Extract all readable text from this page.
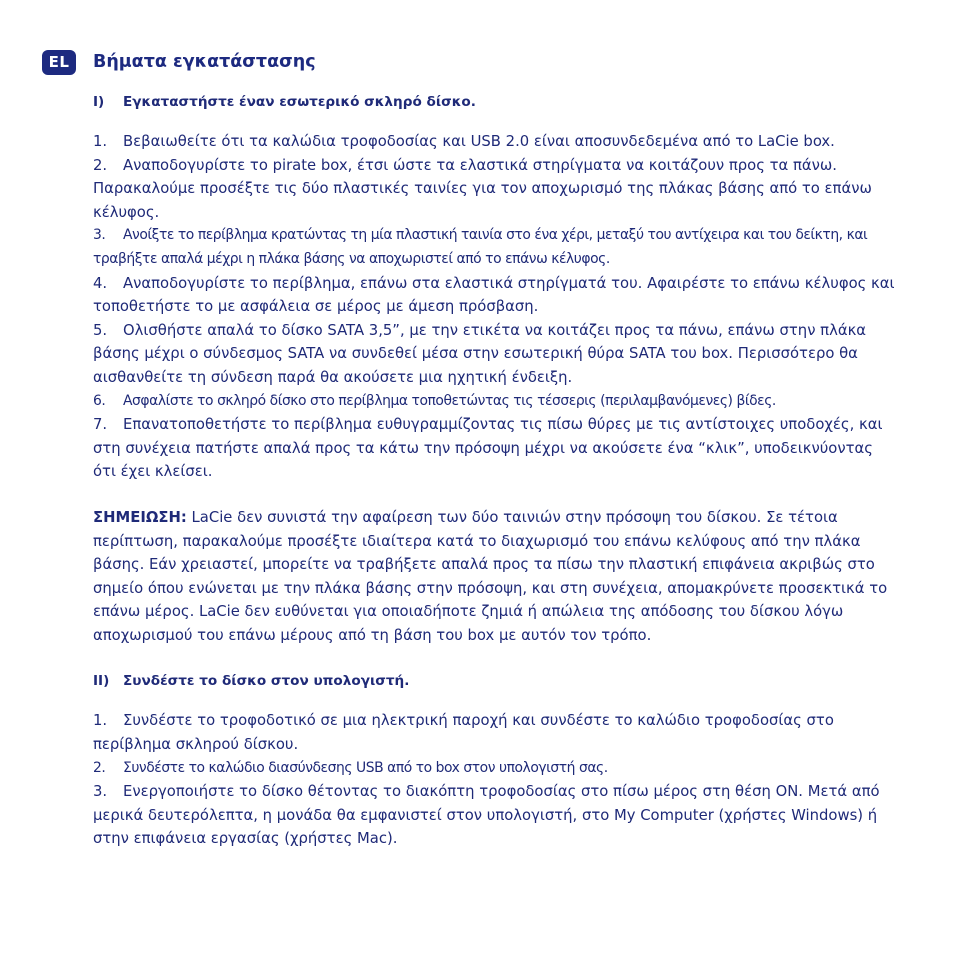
EL	Βήματα εγκατάστασης
I) Εγκαταστήστε έναν εσωτερικό σκληρό δίσκο.
1. Βεβαιωθείτε ότι τα καλώδια τροφοδοσίας και USB 2.0 είναι αποσυνδεδεμένα από το LaCie box.
2. Αναποδογυρίστε το pirate box, έτσι ώστε τα ελαστικά στηρίγματα να κοιτάζουν προς τα πάνω. Παρακαλούμε προσέξτε τις δύο πλαστικές ταινίες για τον αποχωρισμό της πλάκας βάσης από το επάνω κέλυφος.
3. Ανοίξτε το περίβλημα κρατώντας τη μία πλαστική ταινία στο ένα χέρι, μεταξύ του αντίχειρα και του δείκτη, και τραβήξτε απαλά μέχρι η πλάκα βάσης να αποχωριστεί από το επάνω κέλυφος.
4. Αναποδογυρίστε το περίβλημα, επάνω στα ελαστικά στηρίγματά του. Αφαιρέστε το επάνω κέλυφος και τοποθετήστε το με ασφάλεια σε μέρος με άμεση πρόσβαση.
5. Ολισθήστε απαλά το δίσκο SATA 3,5”, με την ετικέτα να κοιτάζει προς τα πάνω, επάνω στην πλάκα βάσης μέχρι ο σύνδεσμος SATA να συνδεθεί μέσα στην εσωτερική θύρα SATA του box. Περισσότερο θα αισθανθείτε τη σύνδεση παρά θα ακούσετε μια ηχητική ένδειξη.
6. Ασφαλίστε το σκληρό δίσκο στο περίβλημα τοποθετώντας τις τέσσερις (περιλαμβανόμενες) βίδες.
7. Επανατοποθετήστε το περίβλημα ευθυγραμμίζοντας τις πίσω θύρες με τις αντίστοιχες υποδοχές, και στη συνέχεια πατήστε απαλά προς τα κάτω την πρόσοψη μέχρι να ακούσετε ένα “κλικ”, υποδεικνύοντας ότι έχει κλείσει.

ΣΗΜΕΙΩΣΗ: LaCie δεν συνιστά την αφαίρεση των δύο ταινιών στην πρόσοψη του δίσκου. Σε τέτοια περίπτωση, παρακαλούμε προσέξτε ιδιαίτερα κατά το διαχωρισμό του επάνω κελύφους από την πλάκα βάσης. Εάν χρειαστεί, μπορείτε να τραβήξετε απαλά προς τα πίσω την πλαστική επιφάνεια ακριβώς στο σημείο όπου ενώνεται με την πλάκα βάσης στην πρόσοψη, και στη συνέχεια, απομακρύνετε προσεκτικά το επάνω μέρος. LaCie δεν ευθύνεται για οποιαδήποτε ζημιά ή απώλεια της απόδοσης του δίσκου λόγω αποχωρισμού του επάνω μέρους από τη βάση του box με αυτόν τον τρόπο.

II) Συνδέστε το δίσκο στον υπολογιστή.
1. Συνδέστε το τροφοδοτικό σε μια ηλεκτρική παροχή και συνδέστε το καλώδιο τροφοδοσίας στο περίβλημα σκληρού δίσκου.
2. Συνδέστε το καλώδιο διασύνδεσης USB από το box στον υπολογιστή σας.
3. Ενεργοποιήστε το δίσκο θέτοντας το διακόπτη τροφοδοσίας στο πίσω μέρος στη θέση ON. Μετά από μερικά δευτερόλεπτα, η μονάδα θα εμφανιστεί στον υπολογιστή, στο My Computer (χρήστες Windows) ή στην επιφάνεια εργασίας (χρήστες Mac).
